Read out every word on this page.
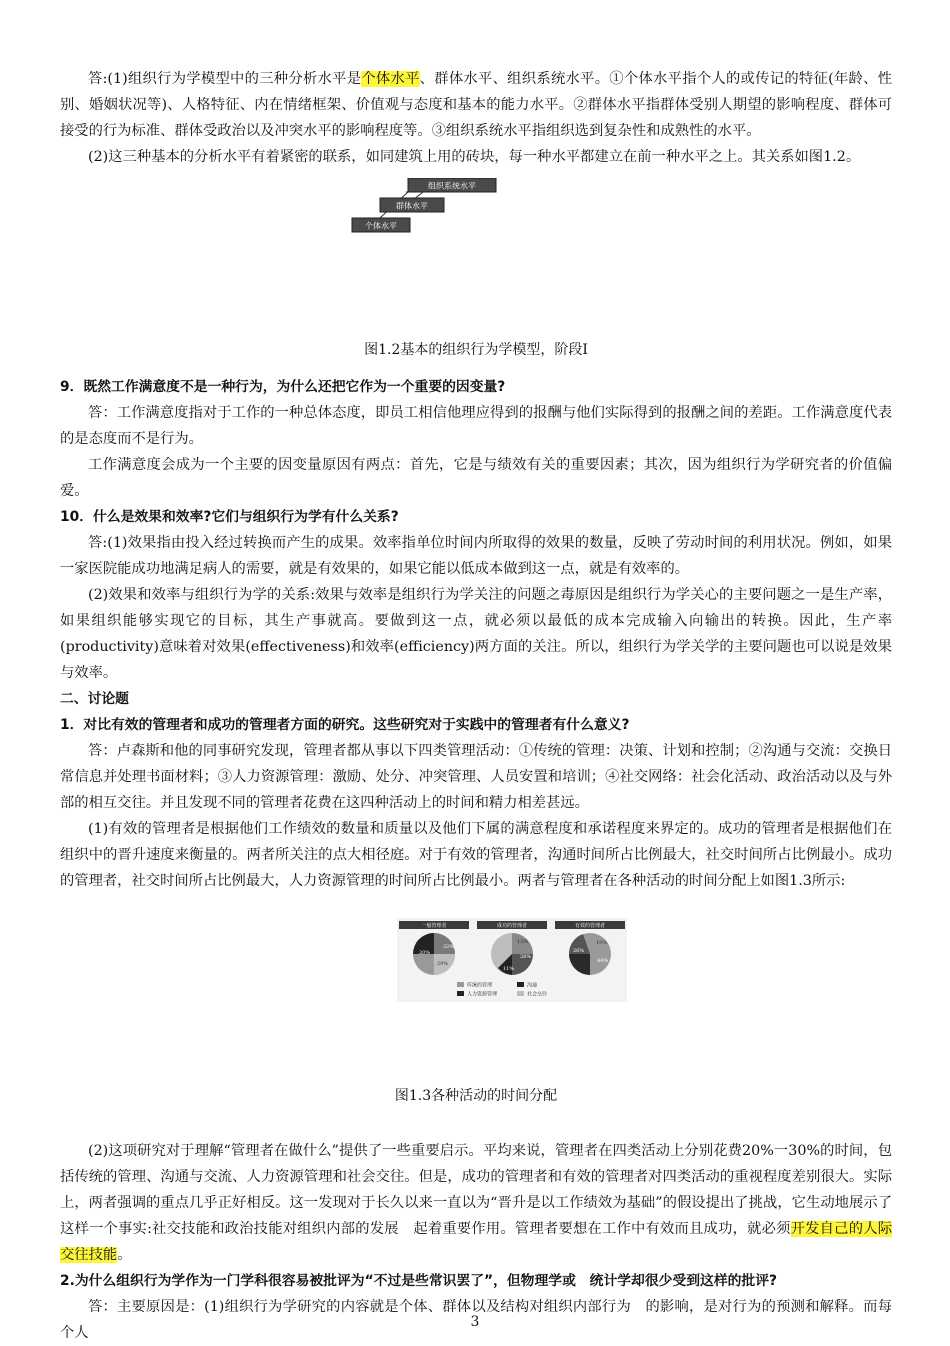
答:(1)组织行为学模型中的三种分析水平是个体水平、群体水平、组织系统水平。①个体水平指个人的或传记的特征(年龄、性别、婚姻状况等)、人格特征、内在情绪框架、价值观与态度和基本的能力水平。②群体水平指群体受别人期望的影响程度、群体可接受的行为标准、群体受政治以及冲突水平的影响程度等。③组织系统水平指组织选到复杂性和成熟性的水平。

(2)这三种基本的分析水平有着紧密的联系，如同建筑上用的砖块，每一种水平都建立在前一种水平之上。其关系如图1.2。

组织系统水平
群体水平
个体水平

图1.2基本的组织行为学模型，阶段Ⅰ

9．既然工作满意度不是一种行为，为什么还把它作为一个重要的因变量?

答：工作满意度指对于工作的一种总体态度，即员工相信他理应得到的报酬与他们实际得到的报酬之间的差距。工作满意度代表的是态度而不是行为。

工作满意度会成为一个主要的因变量原因有两点：首先，它是与绩效有关的重要因素；其次，因为组织行为学研究者的价值偏爱。

10．什么是效果和效率?它们与组织行为学有什么关系?

答:(1)效果指由投入经过转换而产生的成果。效率指单位时间内所取得的效果的数量，反映了劳动时间的利用状况。例如，如果一家医院能成功地满足病人的需要，就是有效果的，如果它能以低成本做到这一点，就是有效率的。

(2)效果和效率与组织行为学的关系:效果与效率是组织行为学关注的问题之毒原因是组织行为学关心的主要问题之一是生产率，如果组织能够实现它的目标，其生产事就高。要做到这一点，就必须以最低的成本完成输入向输出的转换。因此，生产率(productivity)意味着对效果(effectiveness)和效率(efficiency)两方面的关注。所以，组织行为学关学的主要问题也可以说是效果与效率。

二、讨论题

1．对比有效的管理者和成功的管理者方面的研究。这些研究对于实践中的管理者有什么意义?

答：卢森斯和他的同事研究发现，管理者都从事以下四类管理活动：①传统的管理：决策、计划和控制；②沟通与交流：交换日常信息并处理书面材料；③人力资源管理：激励、处分、冲突管理、人员安置和培训；④社交网络：社会化活动、政治活动以及与外部的相互交往。并且发现不同的管理者花费在这四种活动上的时间和精力相差甚远。

(1)有效的管理者是根据他们工作绩效的数量和质量以及他们下属的满意程度和承诺程度来界定的。成功的管理者是根据他们在组织中的晋升速度来衡量的。两者所关注的点大相径庭。对于有效的管理者，沟通时间所占比例最大，社交时间所占比例最小。成功的管理者，社交时间所占比例最大，人力资源管理的时间所占比例最小。两者与管理者在各种活动的时间分配上如图1.3所示:

一般管理者	成功的管理者	有效的管理者
32%
20%
29%
13%
28%
11%
26%
44%
19%
传统的管理	沟通
人力资源管理	社会交往

图1.3各种活动的时间分配

(2)这项研究对于理解“管理者在做什么”提供了一些重要启示。平均来说，管理者在四类活动上分别花费20%一30%的时间，包括传统的管理、沟通与交流、人力资源管理和社会交往。但是，成功的管理者和有效的管理者对四类活动的重视程度差别很大。实际上，两者强调的重点几乎正好相反。这一发现对于长久以来一直以为“晋升是以工作绩效为基础”的假设提出了挑战，它生动地展示了这样一个事实:社交技能和政治技能对组织内部的发展　起着重要作用。管理者要想在工作中有效而且成功，就必须开发自己的人际交往技能。

2.为什么组织行为学作为一门学科很容易被批评为“不过是些常识罢了”，但物理学或　统计学却很少受到这样的批评?

答：主要原因是：(1)组织行为学研究的内容就是个体、群体以及结构对组织内部行为　的影响，是对行为的预测和解释。而每个人

3
